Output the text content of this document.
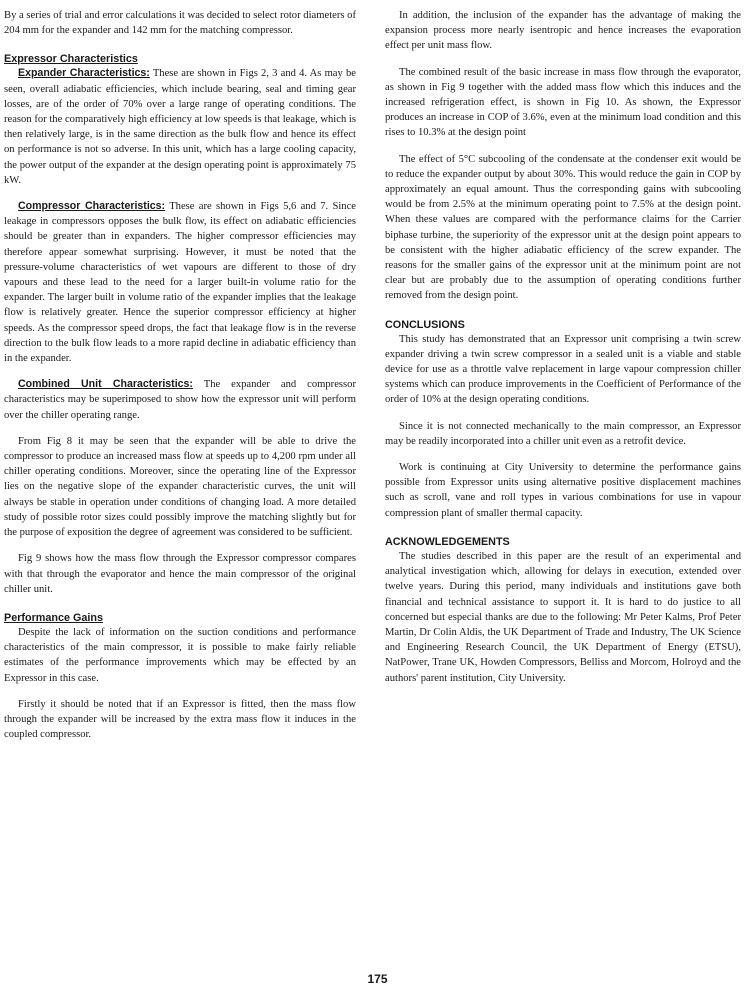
By a series of trial and error calculations it was decided to select rotor diameters of 204 mm for the expander and 142 mm for the matching compressor.

Expressor Characteristics

Expander Characteristics: These are shown in Figs 2, 3 and 4. As may be seen, overall adiabatic efficiencies, which include bearing, seal and timing gear losses, are of the order of 70% over a large range of operating conditions. The reason for the comparatively high efficiency at low speeds is that leakage, which is then relatively large, is in the same direction as the bulk flow and hence its effect on performance is not so adverse. In this unit, which has a large cooling capacity, the power output of the expander at the design operating point is approximately 75 kW.

Compressor Characteristics: These are shown in Figs 5,6 and 7. Since leakage in compressors opposes the bulk flow, its effect on adiabatic efficiencies should be greater than in expanders. The higher compressor efficiencies may therefore appear somewhat surprising. However, it must be noted that the pressure-volume characteristics of wet vapours are different to those of dry vapours and these lead to the need for a larger built-in volume ratio for the expander. The larger built in volume ratio of the expander implies that the leakage flow is relatively greater. Hence the superior compressor efficiency at higher speeds. As the compressor speed drops, the fact that leakage flow is in the reverse direction to the bulk flow leads to a more rapid decline in adiabatic efficiency than in the expander.

Combined Unit Characteristics: The expander and compressor characteristics may be superimposed to show how the expressor unit will perform over the chiller operating range.

From Fig 8 it may be seen that the expander will be able to drive the compressor to produce an increased mass flow at speeds up to 4,200 rpm under all chiller operating conditions. Moreover, since the operating line of the Expressor lies on the negative slope of the expander characteristic curves, the unit will always be stable in operation under conditions of changing load. A more detailed study of possible rotor sizes could possibly improve the matching slightly but for the purpose of exposition the degree of agreement was considered to be sufficient.

Fig 9 shows how the mass flow through the Expressor compressor compares with that through the evaporator and hence the main compressor of the original chiller unit.

Performance Gains

Despite the lack of information on the suction conditions and performance characteristics of the main compressor, it is possible to make fairly reliable estimates of the performance improvements which may be effected by an Expressor in this case.

Firstly it should be noted that if an Expressor is fitted, then the mass flow through the expander will be increased by the extra mass flow it induces in the coupled compressor.

In addition, the inclusion of the expander has the advantage of making the expansion process more nearly isentropic and hence increases the evaporation effect per unit mass flow.

The combined result of the basic increase in mass flow through the evaporator, as shown in Fig 9 together with the added mass flow which this induces and the increased refrigeration effect, is shown in Fig 10. As shown, the Expressor produces an increase in COP of 3.6%, even at the minimum load condition and this rises to 10.3% at the design point

The effect of 5°C subcooling of the condensate at the condenser exit would be to reduce the expander output by about 30%. This would reduce the gain in COP by approximately an equal amount. Thus the corresponding gains with subcooling would be from 2.5% at the minimum operating point to 7.5% at the design point. When these values are compared with the performance claims for the Carrier biphase turbine, the superiority of the expressor unit at the design point appears to be consistent with the higher adiabatic efficiency of the screw expander. The reasons for the smaller gains of the expressor unit at the minimum point are not clear but are probably due to the assumption of operating conditions further removed from the design point.

CONCLUSIONS

This study has demonstrated that an Expressor unit comprising a twin screw expander driving a twin screw compressor in a sealed unit is a viable and stable device for use as a throttle valve replacement in large vapour compression chiller systems which can produce improvements in the Coefficient of Performance of the order of 10% at the design operating conditions.

Since it is not connected mechanically to the main compressor, an Expressor may be readily incorporated into a chiller unit even as a retrofit device.

Work is continuing at City University to determine the performance gains possible from Expressor units using alternative positive displacement machines such as scroll, vane and roll types in various combinations for use in vapour compression plant of smaller thermal capacity.

ACKNOWLEDGEMENTS

The studies described in this paper are the result of an experimental and analytical investigation which, allowing for delays in execution, extended over twelve years. During this period, many individuals and institutions gave both financial and technical assistance to support it. It is hard to do justice to all concerned but especial thanks are due to the following: Mr Peter Kalms, Prof Peter Martin, Dr Colin Aldis, the UK Department of Trade and Industry, The UK Science and Engineering Research Council, the UK Department of Energy (ETSU), NatPower, Trane UK, Howden Compressors, Belliss and Morcom, Holroyd and the authors' parent institution, City University.

175
